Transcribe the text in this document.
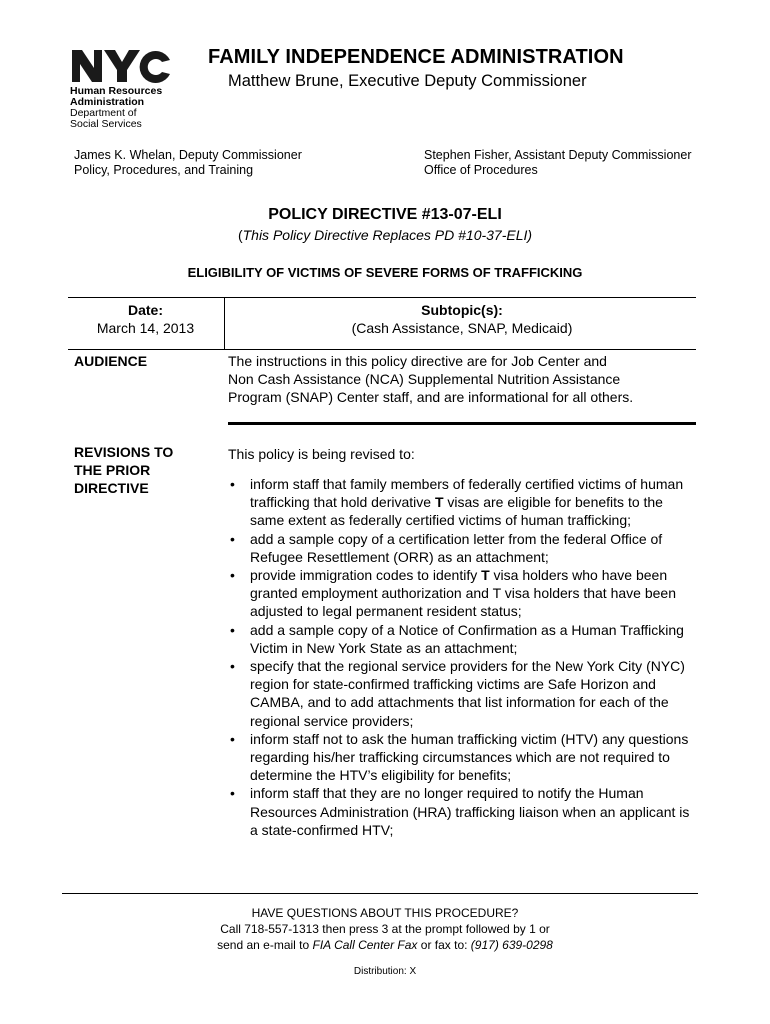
Human Resources
Administration
Department of
Social Services
FAMILY INDEPENDENCE ADMINISTRATION
Matthew Brune, Executive Deputy Commissioner
James K. Whelan, Deputy Commissioner
Policy, Procedures, and Training
Stephen Fisher, Assistant Deputy Commissioner
Office of Procedures
POLICY DIRECTIVE #13-07-ELI
(This Policy Directive Replaces PD #10-37-ELI)
ELIGIBILITY OF VICTIMS OF SEVERE FORMS OF TRAFFICKING
Date:
March 14, 2013
Subtopic(s):
(Cash Assistance, SNAP, Medicaid)
AUDIENCE	The instructions in this policy directive are for Job Center and
Non Cash Assistance (NCA) Supplemental Nutrition Assistance
Program (SNAP) Center staff, and are informational for all others.
REVISIONS TO
THE PRIOR
DIRECTIVE
This policy is being revised to:
• inform staff that family members of federally certified victims of human trafficking that hold derivative T visas are eligible for benefits to the same extent as federally certified victims of human trafficking;
• add a sample copy of a certification letter from the federal Office of Refugee Resettlement (ORR) as an attachment;
• provide immigration codes to identify T visa holders who have been granted employment authorization and T visa holders that have been adjusted to legal permanent resident status;
• add a sample copy of a Notice of Confirmation as a Human Trafficking Victim in New York State as an attachment;
• specify that the regional service providers for the New York City (NYC) region for state-confirmed trafficking victims are Safe Horizon and CAMBA, and to add attachments that list information for each of the regional service providers;
• inform staff not to ask the human trafficking victim (HTV) any questions regarding his/her trafficking circumstances which are not required to determine the HTV’s eligibility for benefits;
• inform staff that they are no longer required to notify the Human Resources Administration (HRA) trafficking liaison when an applicant is a state-confirmed HTV;
HAVE QUESTIONS ABOUT THIS PROCEDURE?
Call 718-557-1313 then press 3 at the prompt followed by 1 or
send an e-mail to FIA Call Center Fax or fax to: (917) 639-0298
Distribution: X
